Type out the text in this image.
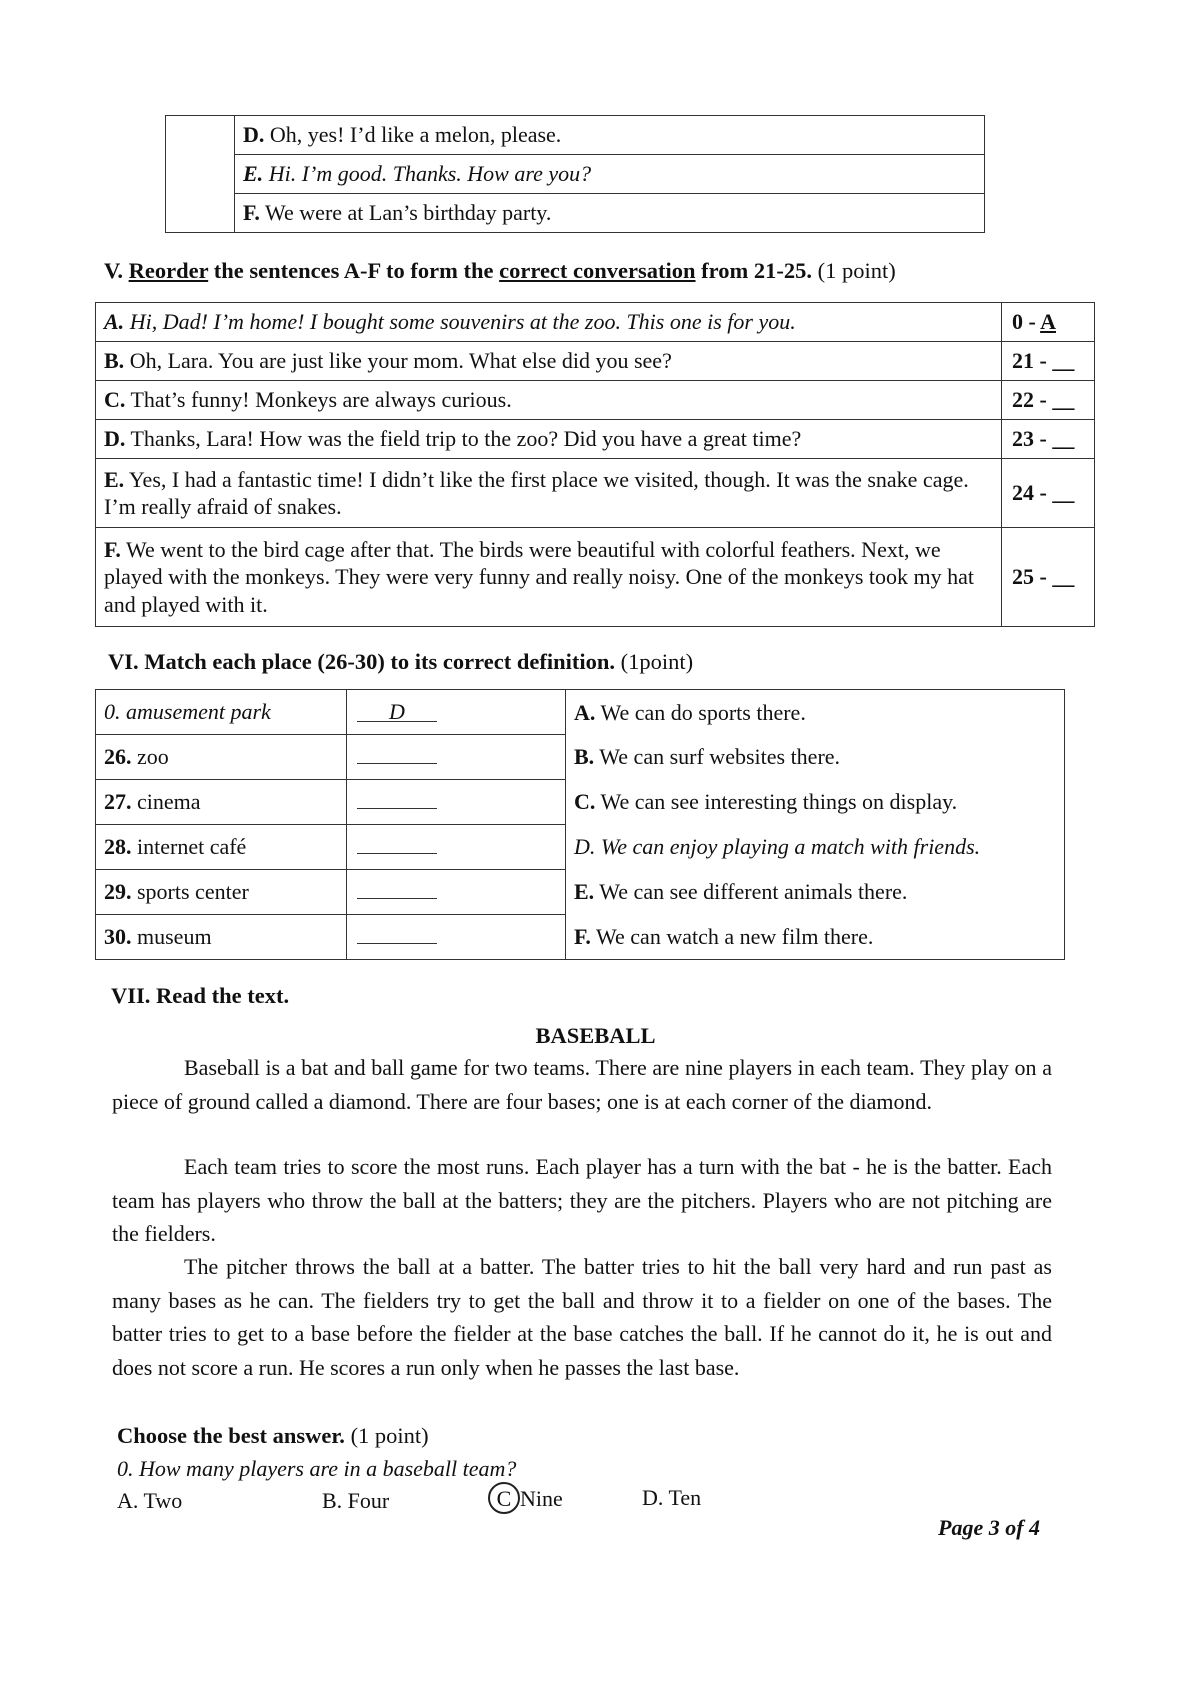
	D. Oh, yes! I’d like a melon, please.
E. Hi. I’m good. Thanks. How are you?
F. We were at Lan’s birthday party.
V. Reorder the sentences A-F to form the correct conversation from 21-25. (1 point)
A. Hi, Dad! I’m home! I bought some souvenirs at the zoo. This one is for you.	0 - A
B. Oh, Lara. You are just like your mom. What else did you see?	21 - __
C. That’s funny! Monkeys are always curious.	22 - __
D. Thanks, Lara! How was the field trip to the zoo? Did you have a great time?	23 - __
E. Yes, I had a fantastic time! I didn’t like the first place we visited, though. It was the snake cage. I’m really afraid of snakes.	24 - __
F. We went to the bird cage after that. The birds were beautiful with colorful feathers. Next, we played with the monkeys. They were very funny and really noisy. One of the monkeys took my hat and played with it.	25 - __
VI. Match each place (26-30) to its correct definition. (1point)
0. amusement park	D	A. We can do sports there.
26. zoo		B. We can surf websites there.
27. cinema		C. We can see interesting things on display.
28. internet café		D. We can enjoy playing a match with friends.
29. sports center		E. We can see different animals there.
30. museum		F. We can watch a new film there.
VII. Read the text.
BASEBALL
Baseball is a bat and ball game for two teams. There are nine players in each team. They play on a piece of ground called a diamond. There are four bases; one is at each corner of the diamond.
Each team tries to score the most runs. Each player has a turn with the bat - he is the batter. Each team has players who throw the ball at the batters; they are the pitchers. Players who are not pitching are the fielders.
The pitcher throws the ball at a batter. The batter tries to hit the ball very hard and run past as many bases as he can. The fielders try to get the ball and throw it to a fielder on one of the bases. The batter tries to get to a base before the fielder at the base catches the ball. If he cannot do it, he is out and does not score a run. He scores a run only when he passes the last base.
Choose the best answer. (1 point)
0. How many players are in a baseball team?
A. Two	B. Four	C Nine	D. Ten
Page 3 of 4
